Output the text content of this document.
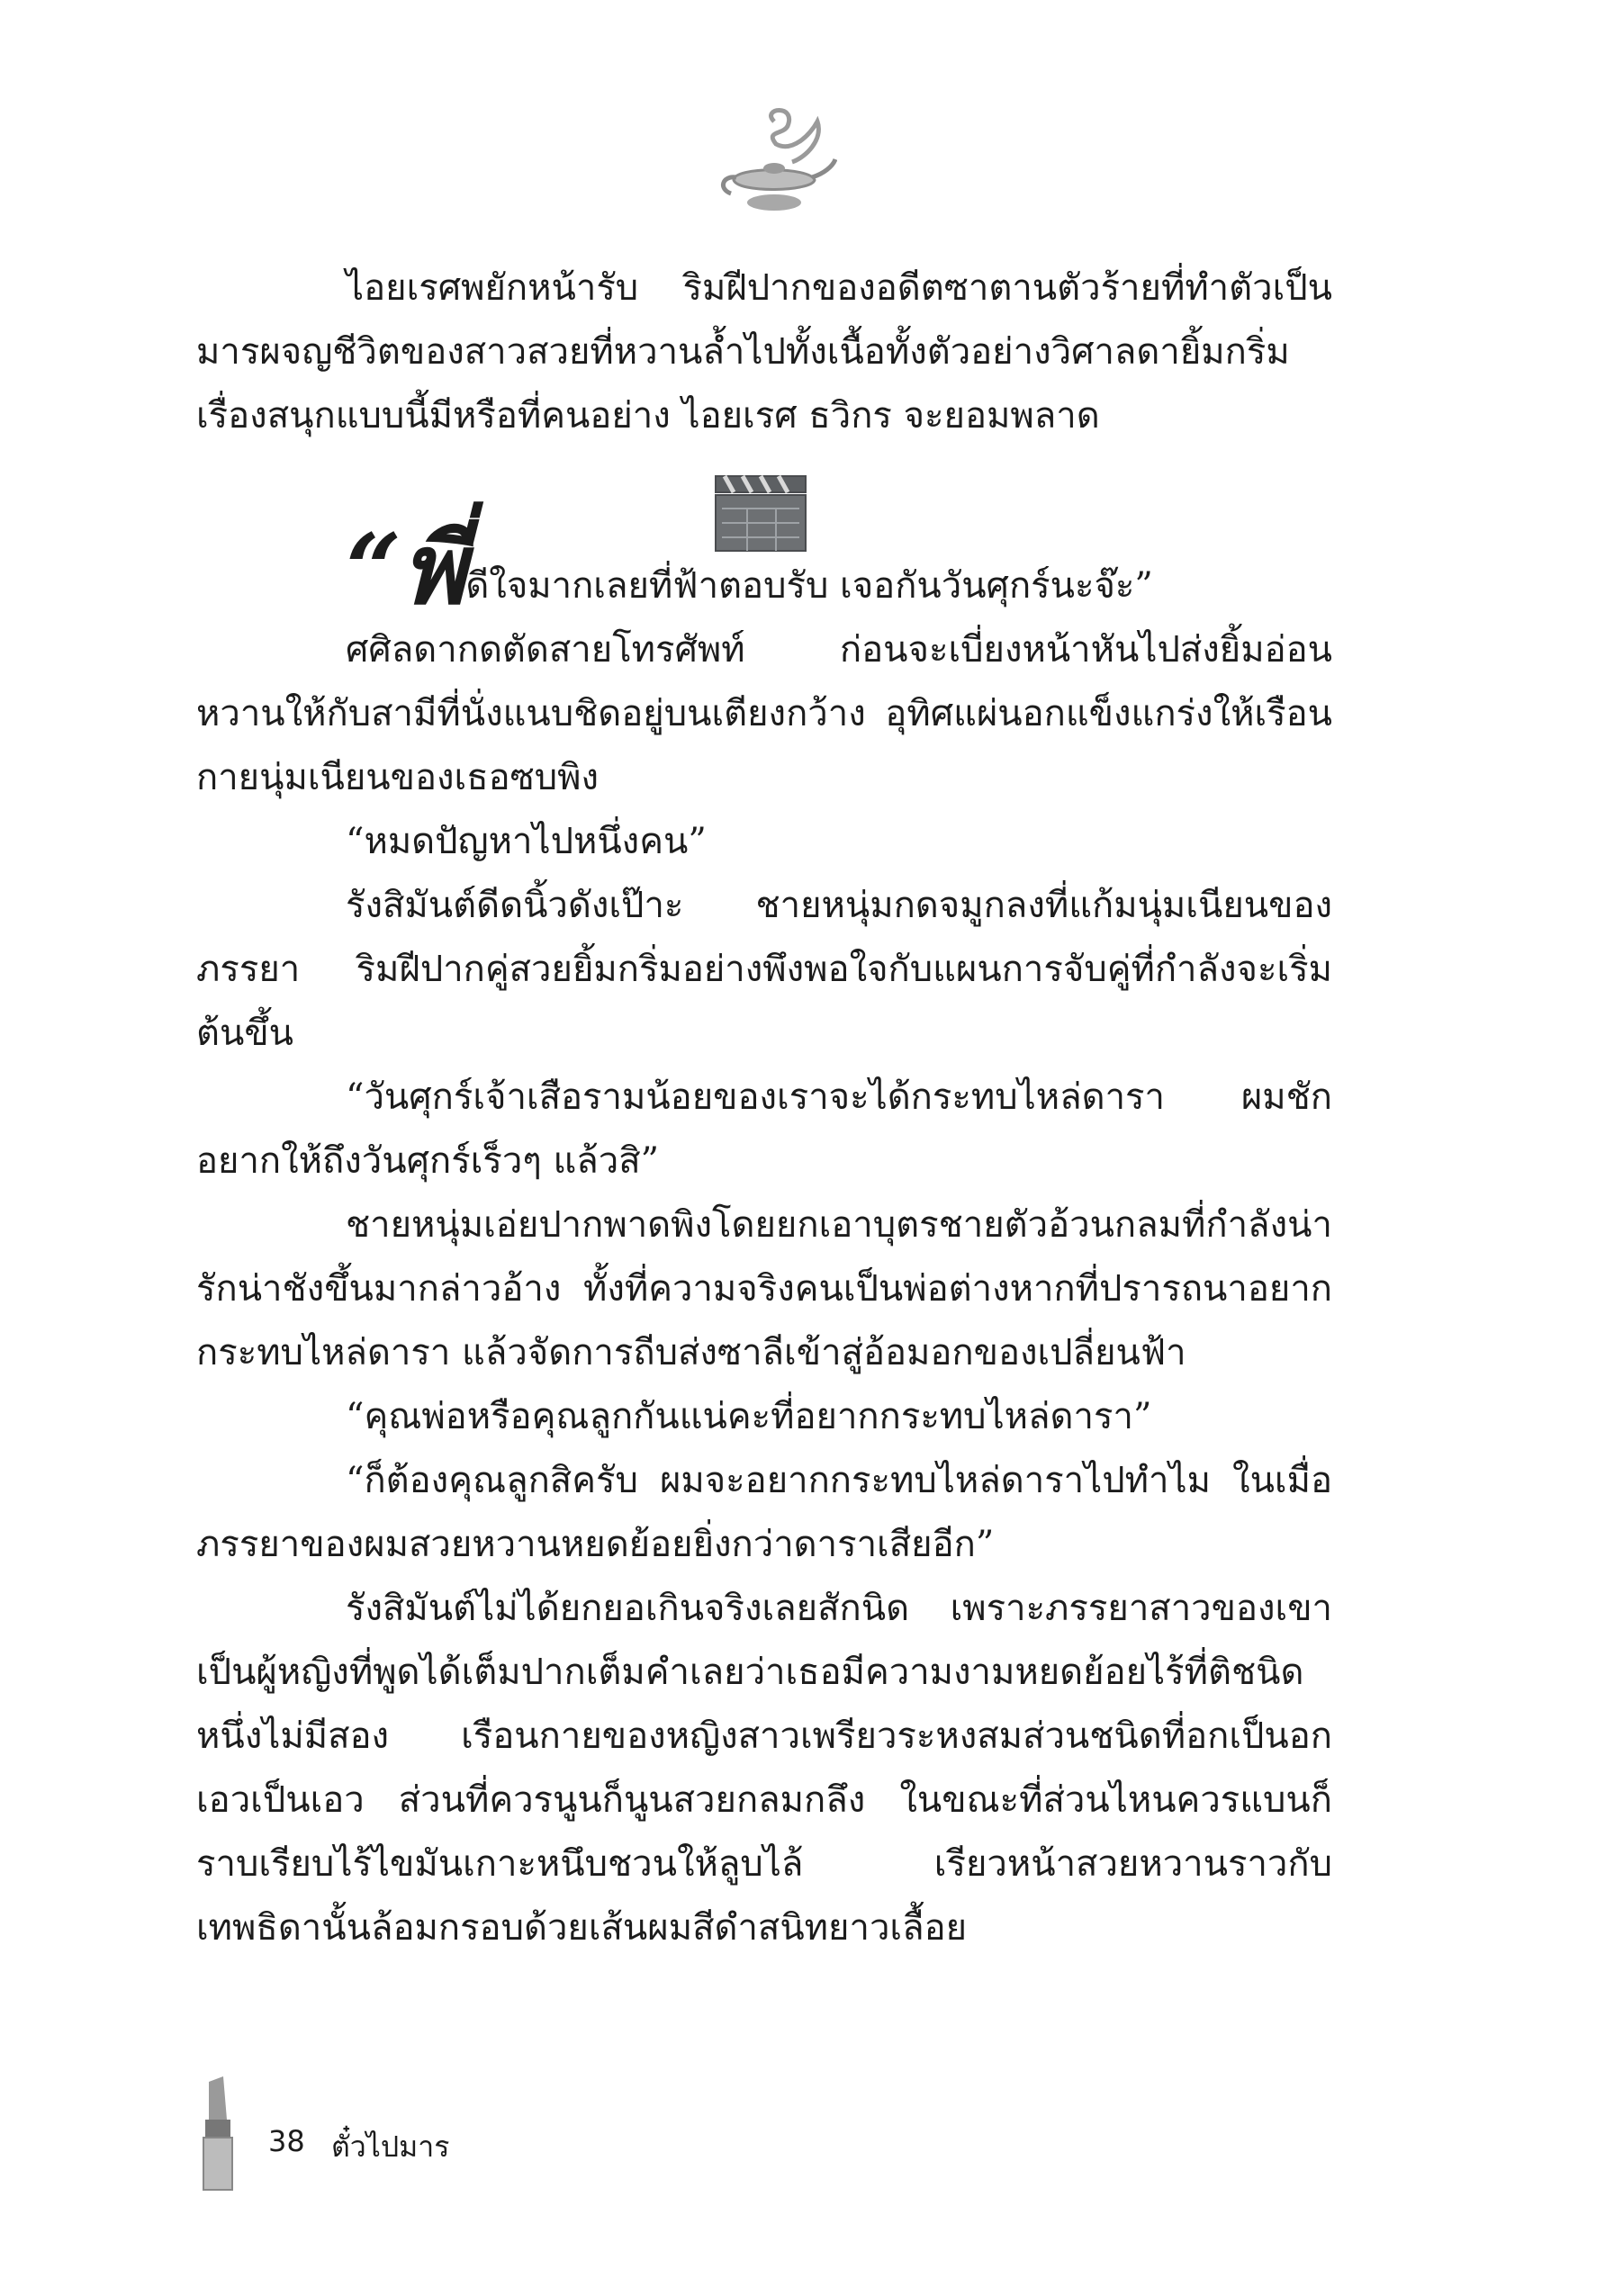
ไอยเรศพยักหน้ารับ ริมฝีปากของอดีตซาตานตัวร้ายที่ทำตัวเป็นมารผจญชีวิตของสาวสวยที่หวานล้ำไปทั้งเนื้อทั้งตัวอย่างวิศาลดายิ้มกริ่ม เรื่องสนุกแบบนี้มีหรือที่คนอย่าง ไอยเรศ ธวิกร จะยอมพลาด

“พี่ดีใจมากเลยที่ฟ้าตอบรับ เจอกันวันศุกร์นะจ๊ะ”

ศศิลดากดตัดสายโทรศัพท์ ก่อนจะเบี่ยงหน้าหันไปส่งยิ้มอ่อนหวานให้กับสามีที่นั่งแนบชิดอยู่บนเตียงกว้าง อุทิศแผ่นอกแข็งแกร่งให้เรือนกายนุ่มเนียนของเธอซบพิง

“หมดปัญหาไปหนึ่งคน”

รังสิมันต์ดีดนิ้วดังเป๊าะ ชายหนุ่มกดจมูกลงที่แก้มนุ่มเนียนของภรรยา ริมฝีปากคู่สวยยิ้มกริ่มอย่างพึงพอใจกับแผนการจับคู่ที่กำลังจะเริ่มต้นขึ้น

“วันศุกร์เจ้าเสือรามน้อยของเราจะได้กระทบไหล่ดารา ผมชักอยากให้ถึงวันศุกร์เร็วๆ แล้วสิ”

ชายหนุ่มเอ่ยปากพาดพิงโดยยกเอาบุตรชายตัวอ้วนกลมที่กำลังน่ารักน่าชังขึ้นมากล่าวอ้าง ทั้งที่ความจริงคนเป็นพ่อต่างหากที่ปรารถนาอยากกระทบไหล่ดารา แล้วจัดการถีบส่งซาลีเข้าสู่อ้อมอกของเปลี่ยนฟ้า

“คุณพ่อหรือคุณลูกกันแน่คะที่อยากกระทบไหล่ดารา”

“ก็ต้องคุณลูกสิครับ ผมจะอยากกระทบไหล่ดาราไปทำไม ในเมื่อภรรยาของผมสวยหวานหยดย้อยยิ่งกว่าดาราเสียอีก”

รังสิมันต์ไม่ได้ยกยอเกินจริงเลยสักนิด เพราะภรรยาสาวของเขาเป็นผู้หญิงที่พูดได้เต็มปากเต็มคำเลยว่าเธอมีความงามหยดย้อยไร้ที่ติชนิดหนึ่งไม่มีสอง เรือนกายของหญิงสาวเพรียวระหงสมส่วนชนิดที่อกเป็นอก เอวเป็นเอว ส่วนที่ควรนูนก็นูนสวยกลมกลึง ในขณะที่ส่วนไหนควรแบนก็ราบเรียบไร้ไขมันเกาะหนึบชวนให้ลูบไล้ เรียวหน้าสวยหวานราวกับเทพธิดานั้นล้อมกรอบด้วยเส้นผมสีดำสนิทยาวเลื้อย

38 ตั๋วไปมาร
